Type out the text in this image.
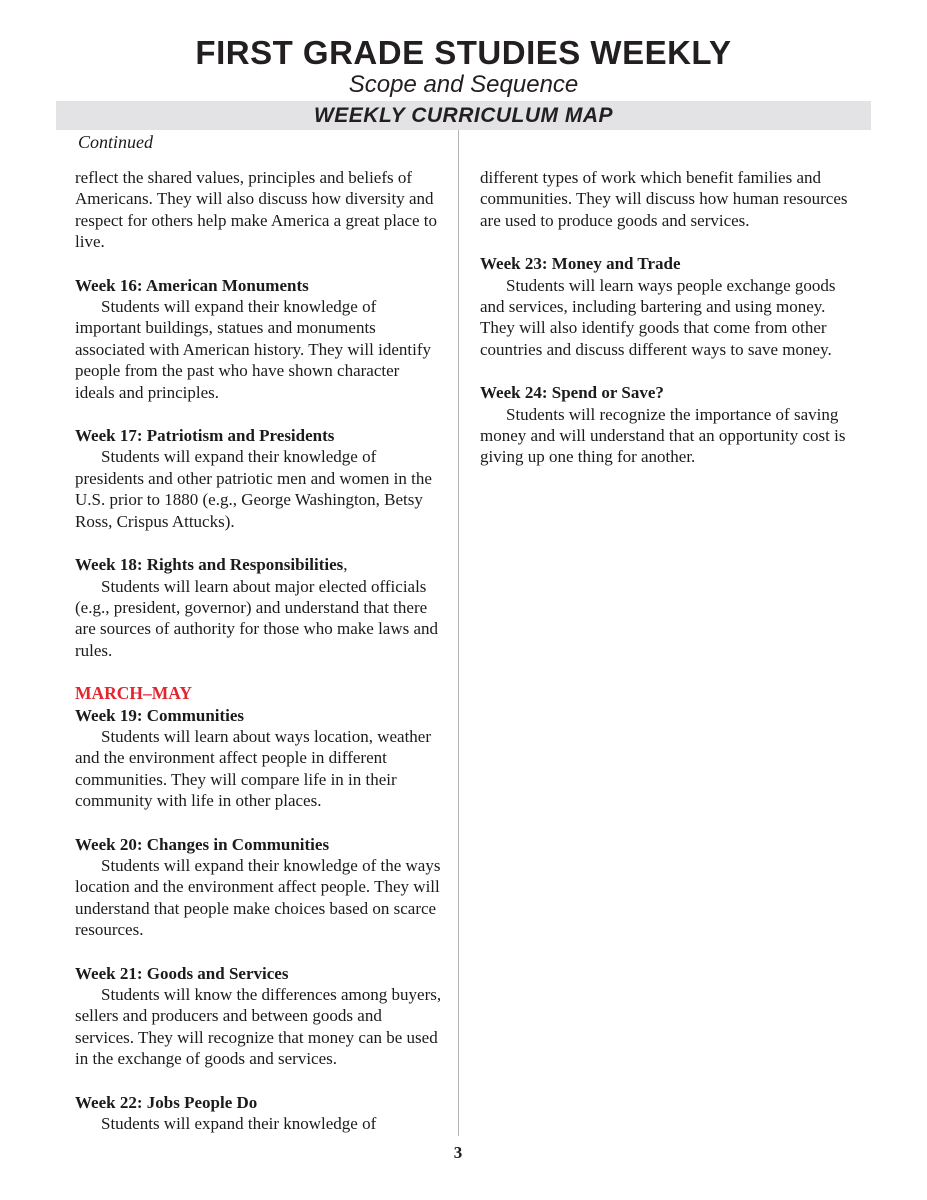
FIRST GRADE STUDIES WEEKLY
Scope and Sequence
WEEKLY CURRICULUM MAP
Continued

reflect the shared values, principles and beliefs of Americans. They will also discuss how diversity and respect for others help make America a great place to live.

Week 16: American Monuments

Students will expand their knowledge of important buildings, statues and monuments associated with American history. They will identify people from the past who have shown character ideals and principles.

Week 17: Patriotism and Presidents

Students will expand their knowledge of presidents and other patriotic men and women in the U.S. prior to 1880 (e.g., George Washington, Betsy Ross, Crispus Attucks).

Week 18: Rights and Responsibilities,

Students will learn about major elected officials (e.g., president, governor) and understand that there are sources of authority for those who make laws and rules.

MARCH–MAY
Week 19: Communities

Students will learn about ways location, weather and the environment affect people in different communities. They will compare life in in their community with life in other places.

Week 20: Changes in Communities

Students will expand their knowledge of the ways location and the environment affect people. They will understand that people make choices based on scarce resources.

Week 21: Goods and Services

Students will know the differences among buyers, sellers and producers and between goods and services. They will recognize that money can be used in the exchange of goods and services.

Week 22: Jobs People Do

Students will expand their knowledge of

different types of work which benefit families and communities. They will discuss how human resources are used to produce goods and services.

Week 23: Money and Trade

Students will learn ways people exchange goods and services, including bartering and using money. They will also identify goods that come from other countries and discuss different ways to save money.

Week 24: Spend or Save?

Students will recognize the importance of saving money and will understand that an opportunity cost is giving up one thing for another.

3
